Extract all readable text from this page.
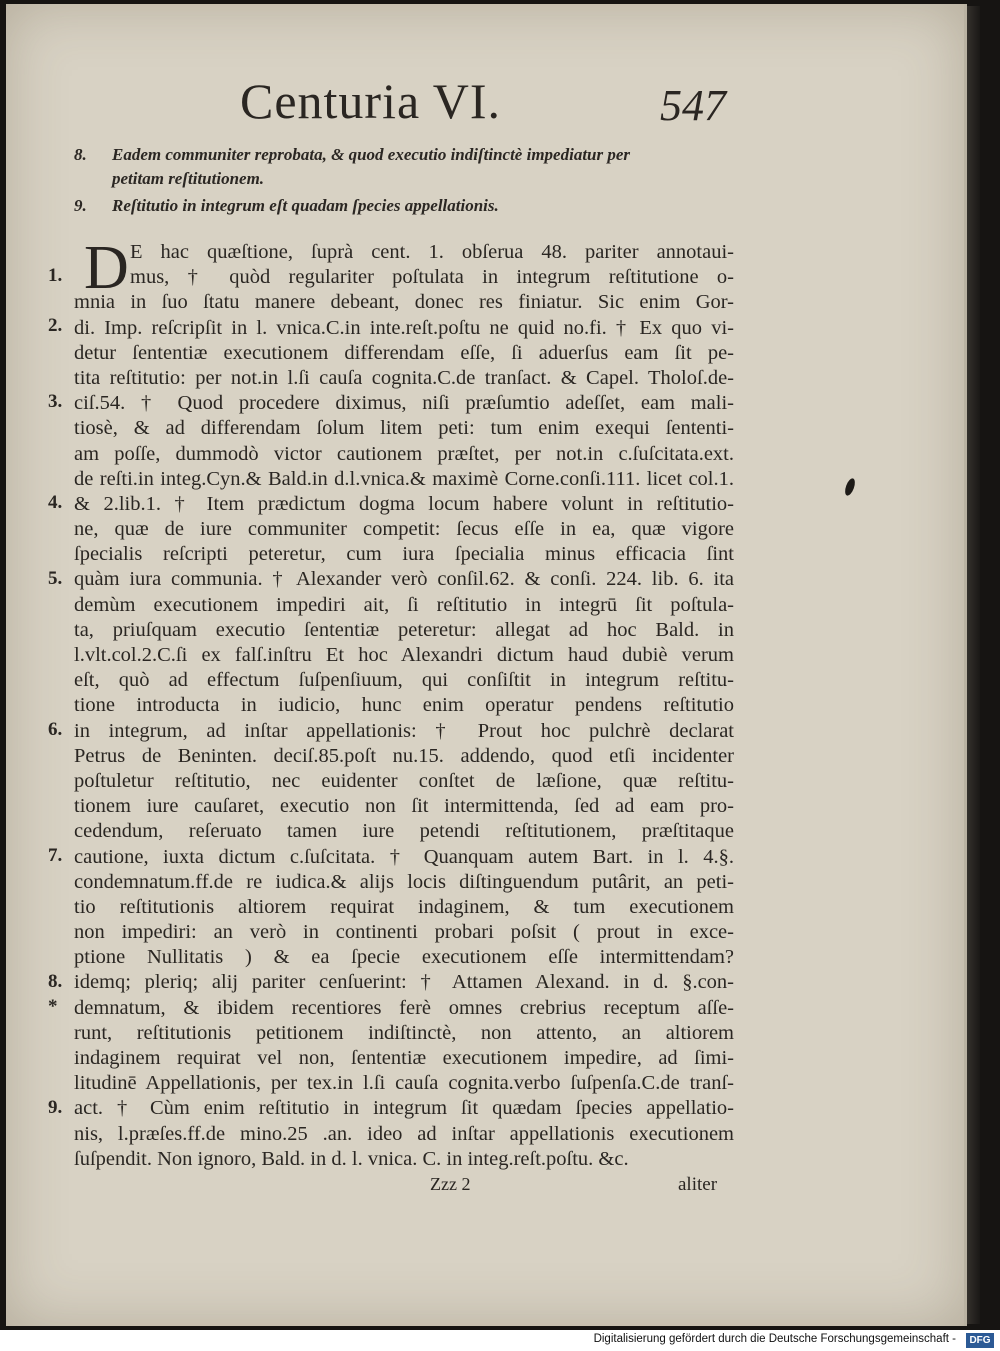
Centuria VI.	547
8. Eadem communiter reprobata, & quod executio indiſtinctè impediatur per
petitam reſtitutionem.
9. Reſtitutio in integrum eſt quadam ſpecies appellationis.
D
1.
2.
3.
4.
5.
6.
7.
8.
*
9.
E hac quæſtione, ſuprà cent. 1. obſerua 48. pariter annotaui-
mus, † quòd regulariter poſtulata in integrum reſtitutione o-
mnia in ſuo ſtatu manere debeant, donec res finiatur. Sic enim Gor-
di. Imp. reſcripſit in l. vnica.C.in inte.reſt.poſtu ne quid no.fi. † Ex quo vi-
detur ſententiæ executionem differendam eſſe, ſi aduerſus eam ſit pe-
tita reſtitutio: per not.in l.ſi cauſa cognita.C.de tranſact. & Capel. Tholoſ.de-
ciſ.54. † Quod procedere diximus, niſi præſumtio adeſſet, eam mali-
tiosè, & ad differendam ſolum litem peti: tum enim exequi ſententi-
am poſſe, dummodò victor cautionem præſtet, per not.in c.ſuſcitata.ext.
de reſti.in integ.Cyn.& Bald.in d.l.vnica.& maximè Corne.conſi.111. licet col.1.
& 2.lib.1. † Item prædictum dogma locum habere volunt in reſtitutio-
ne, quæ de iure communiter competit: ſecus eſſe in ea, quæ vigore
ſpecialis reſcripti peteretur, cum iura ſpecialia minus efficacia ſint
quàm iura communia. † Alexander verò conſil.62. & conſi. 224. lib. 6. ita
demùm executionem impediri ait, ſi reſtitutio in integrū ſit poſtula-
ta, priuſquam executio ſententiæ peteretur: allegat ad hoc Bald. in
l.vlt.col.2.C.ſi ex falſ.inſtru Et hoc Alexandri dictum haud dubiè verum
eſt, quò ad effectum ſuſpenſiuum, qui conſiſtit in integrum reſtitu-
tione introducta in iudicio, hunc enim operatur pendens reſtitutio
in integrum, ad inſtar appellationis: † Prout hoc pulchrè declarat
Petrus de Beninten. deciſ.85.poſt nu.15. addendo, quod etſi incidenter
poſtuletur reſtitutio, nec euidenter conſtet de læſione, quæ reſtitu-
tionem iure cauſaret, executio non ſit intermittenda, ſed ad eam pro-
cedendum, reſeruato tamen iure petendi reſtitutionem, præſtitaque
cautione, iuxta dictum c.ſuſcitata. † Quanquam autem Bart. in l. 4.§.
condemnatum.ff.de re iudica.& alijs locis diſtinguendum putârit, an peti-
tio reſtitutionis altiorem requirat indaginem, & tum executionem
non impediri: an verò in continenti probari poſsit ( prout in exce-
ptione Nullitatis ) & ea ſpecie executionem eſſe intermittendam?
idemq; pleriq; alij pariter cenſuerint: † Attamen Alexand. in d. §.con-
demnatum, & ibidem recentiores ferè omnes crebrius receptum aſſe-
runt, reſtitutionis petitionem indiſtinctè, non attento, an altiorem
indaginem requirat vel non, ſententiæ executionem impedire, ad ſimi-
litudinē Appellationis, per tex.in l.ſi cauſa cognita.verbo ſuſpenſa.C.de tranſ-
act. † Cùm enim reſtitutio in integrum ſit quædam ſpecies appellatio-
nis, l.præſes.ff.de mino.25 .an. ideo ad inſtar appellationis executionem
ſuſpendit. Non ignoro, Bald. in d. l. vnica. C. in integ.reſt.poſtu. &c.
Zzz 2	aliter
Digitalisierung gefördert durch die Deutsche Forschungsgemeinschaft -	DFG
